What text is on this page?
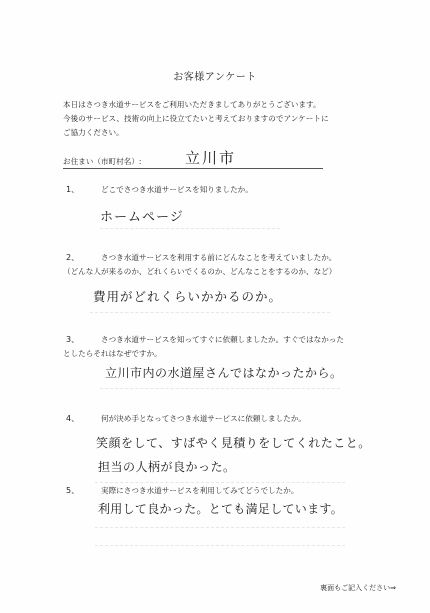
お客様アンケート
本日はさつき水道サービスをご利用いただきましてありがとうございます。
今後のサービス、技術の向上に役立てたいと考えておりますのでアンケートに
ご協力ください。
お住まい（市町村名）:	立川市
1、	どこでさつき水道サービスを知りましたか。
ホームページ
2、	さつき水道サービスを利用する前にどんなことを考えていましたか。
（どんな人が来るのか、どれくらいでくるのか、どんなことをするのか、など）
費用がどれくらいかかるのか。
3、	さつき水道サービスを知ってすぐに依頼しましたか。すぐではなかった
としたらそれはなぜですか。
立川市内の水道屋さんではなかったから。
4、	何が決め手となってさつき水道サービスに依頼しましたか。
笑顔をして、すばやく見積りをしてくれたこと。
担当の人柄が良かった。
5、	実際にさつき水道サービスを利用してみてどうでしたか。
利用して良かった。とても満足しています。
裏面もご記入ください⇒
